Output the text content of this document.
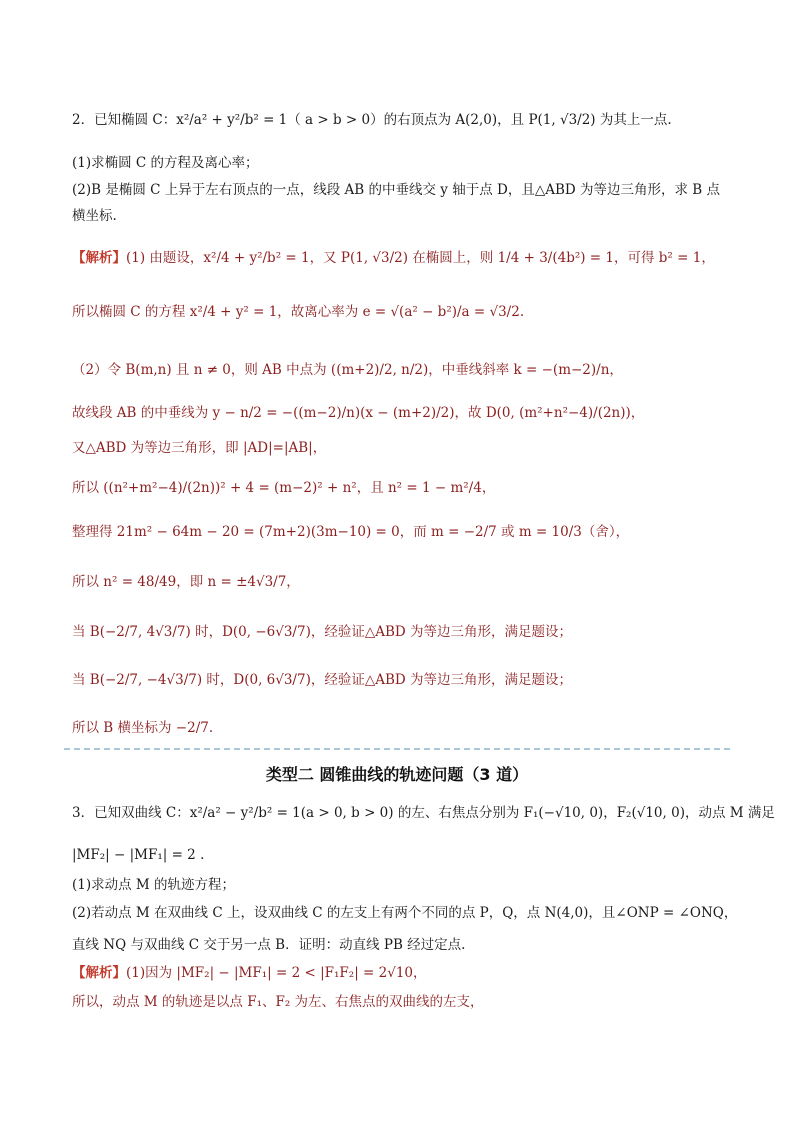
2．已知椭圆 C：x²/a² + y²/b² = 1（ a > b > 0）的右顶点为 A(2,0)，且 P(1, √3/2) 为其上一点.
(1)求椭圆 C 的方程及离心率；
(2)B 是椭圆 C 上异于左右顶点的一点，线段 AB 的中垂线交 y 轴于点 D，且△ABD 为等边三角形，求 B 点
横坐标.
【解析】(1) 由题设，x²/4 + y²/b² = 1，又 P(1, √3/2) 在椭圆上，则 1/4 + 3/(4b²) = 1，可得 b² = 1，
所以椭圆 C 的方程 x²/4 + y² = 1，故离心率为 e = √(a² − b²)/a = √3/2.
（2）令 B(m,n) 且 n ≠ 0，则 AB 中点为 ((m+2)/2, n/2)，中垂线斜率 k = −(m−2)/n，
故线段 AB 的中垂线为 y − n/2 = −((m−2)/n)(x − (m+2)/2)，故 D(0, (m²+n²−4)/(2n))，
又△ABD 为等边三角形，即 |AD|=|AB|，
所以 ((n²+m²−4)/(2n))² + 4 = (m−2)² + n²，且 n² = 1 − m²/4，
整理得 21m² − 64m − 20 = (7m+2)(3m−10) = 0，而 m = −2/7 或 m = 10/3（舍），
所以 n² = 48/49，即 n = ±4√3/7，
当 B(−2/7, 4√3/7) 时，D(0, −6√3/7)，经验证△ABD 为等边三角形，满足题设；
当 B(−2/7, −4√3/7) 时，D(0, 6√3/7)，经验证△ABD 为等边三角形，满足题设；
所以 B 横坐标为 −2/7.
类型二 圆锥曲线的轨迹问题（3 道）
3．已知双曲线 C：x²/a² − y²/b² = 1(a > 0, b > 0) 的左、右焦点分别为 F₁(−√10, 0)，F₂(√10, 0)，动点 M 满足
|MF₂| − |MF₁| = 2 .
(1)求动点 M 的轨迹方程；
(2)若动点 M 在双曲线 C 上，设双曲线 C 的左支上有两个不同的点 P，Q，点 N(4,0)，且∠ONP = ∠ONQ，
直线 NQ 与双曲线 C 交于另一点 B．证明：动直线 PB 经过定点.
【解析】(1)因为 |MF₂| − |MF₁| = 2 < |F₁F₂| = 2√10，
所以，动点 M 的轨迹是以点 F₁、F₂ 为左、右焦点的双曲线的左支，
